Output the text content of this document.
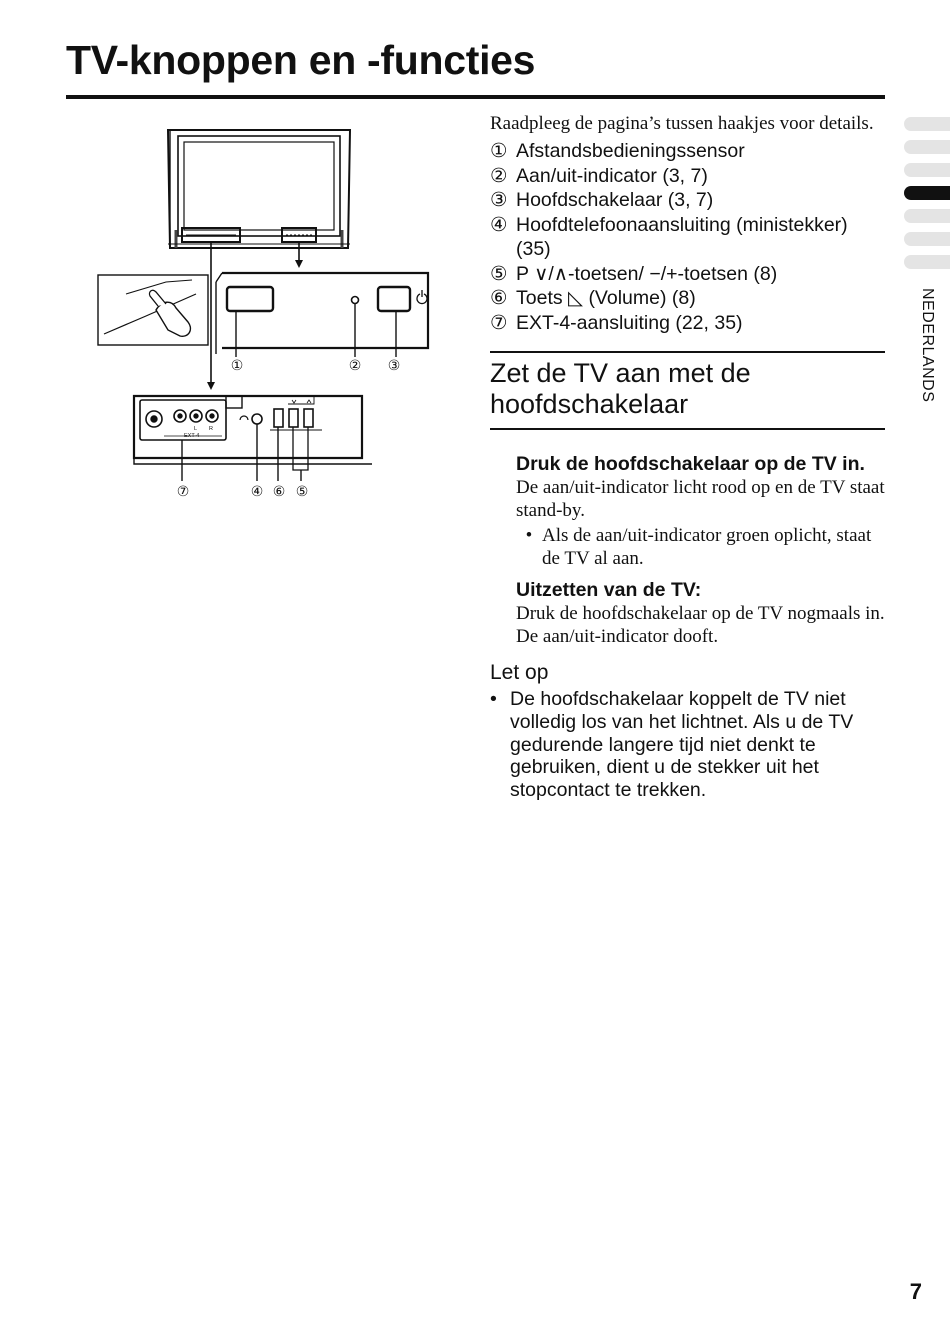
TV-knoppen en -functies
EXT-4
L R
①	② ③
⑦	④ ⑥ ⑤

Raadpleeg de pagina’s tussen haakjes voor details.

① Afstandsbedieningssensor
② Aan/uit-indicator (3, 7)
③ Hoofdschakelaar (3, 7)
④ Hoofdtelefoonaansluiting (ministekker) (35)
⑤ P ∨/∧-toetsen/ −/+-toetsen (8)
⑥ Toets ◺ (Volume) (8)
⑦ EXT-4-aansluiting (22, 35)
Zet de TV aan met de hoofdschakelaar
Druk de hoofdschakelaar op de TV in.
De aan/uit-indicator licht rood op en de TV staat stand-by.
• Als de aan/uit-indicator groen oplicht, staat de TV al aan.
Uitzetten van de TV:
Druk de hoofdschakelaar op de TV nogmaals in.
De aan/uit-indicator dooft.
Let op
• De hoofdschakelaar koppelt de TV niet volledig los van het lichtnet. Als u de TV gedurende langere tijd niet denkt te gebruiken, dient u de stekker uit het stopcontact te trekken.
NEDERLANDS
7
